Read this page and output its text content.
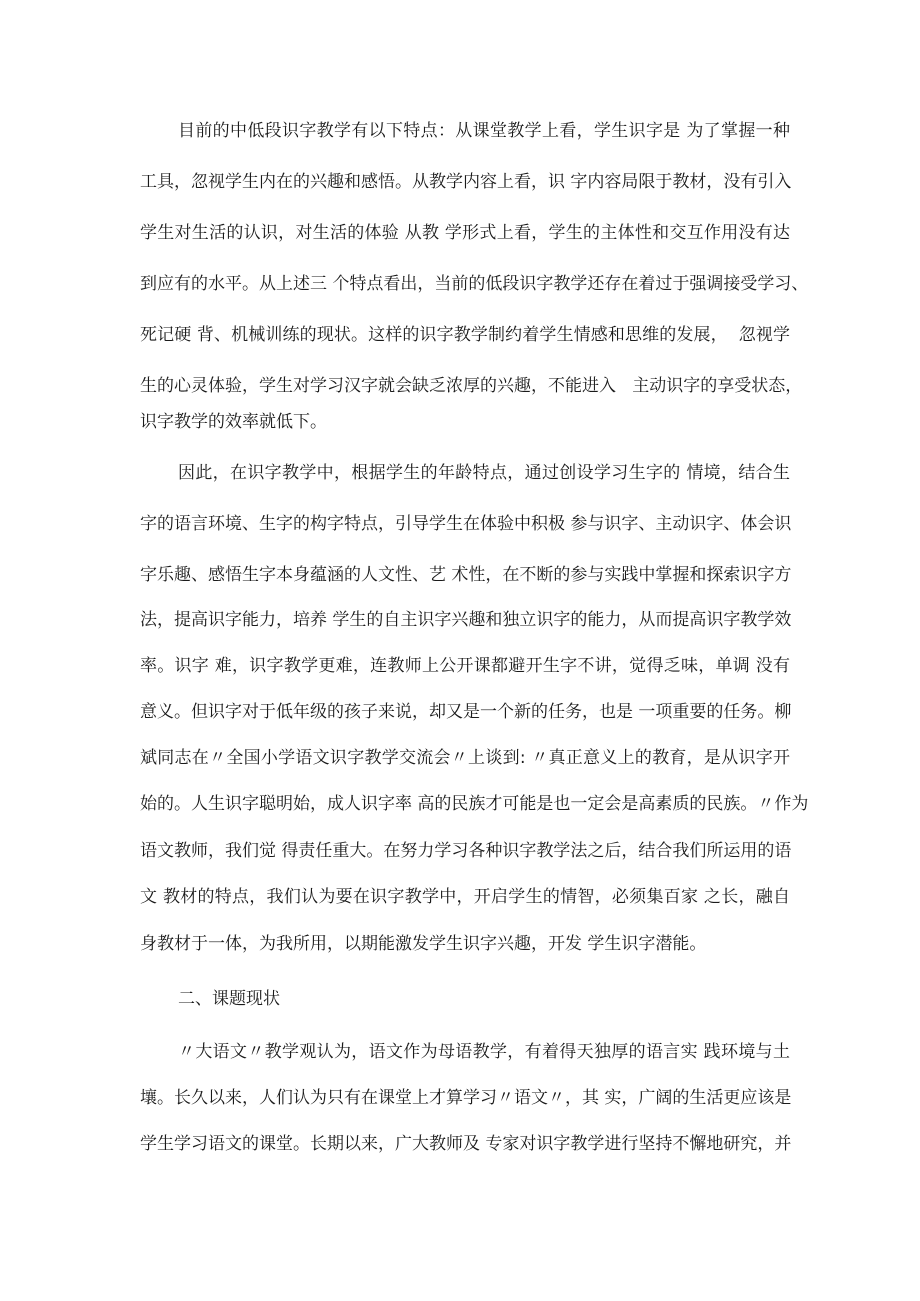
目前的中低段识字教学有以下特点：从课堂教学上看，学生识字是 为了掌握一种

工具，忽视学生内在的兴趣和感悟。从教学内容上看，识 字内容局限于教材，没有引入

学生对生活的认识，对生活的体验 从教 学形式上看，学生的主体性和交互作用没有达

到应有的水平。从上述三 个特点看出，当前的低段识字教学还存在着过于强调接受学习、

死记硬 背、机械训练的现状。这样的识字教学制约着学生情感和思维的发展，  忽视学

生的心灵体验，学生对学习汉字就会缺乏浓厚的兴趣，不能进入   主动识字的享受状态，

识字教学的效率就低下。

因此，在识字教学中，根据学生的年龄特点，通过创设学习生字的 情境，结合生

字的语言环境、生字的构字特点，引导学生在体验中积极 参与识字、主动识字、体会识

字乐趣、感悟生字本身蕴涵的人文性、艺 术性，在不断的参与实践中掌握和探索识字方

法，提高识字能力，培养 学生的自主识字兴趣和独立识字的能力，从而提高识字教学效

率。识字 难，识字教学更难，连教师上公开课都避开生字不讲，觉得乏味，单调 没有

意义。但识字对于低年级的孩子来说，却又是一个新的任务，也是 一项重要的任务。柳

斌同志在〃全国小学语文识字教学交流会〃上谈到: 〃真正意义上的教育，是从识字开

始的。人生识字聪明始，成人识字率 高的民族才可能是也一定会是高素质的民族。〃作为

语文教师，我们觉 得责任重大。在努力学习各种识字教学法之后，结合我们所运用的语

文 教材的特点，我们认为要在识字教学中，开启学生的情智，必须集百家 之长，融自

身教材于一体，为我所用，以期能激发学生识字兴趣，开发 学生识字潜能。

二、课题现状

〃大语文〃教学观认为，语文作为母语教学，有着得天独厚的语言实 践环境与土

壤。长久以来，人们认为只有在课堂上才算学习〃语文〃，其 实，广阔的生活更应该是

学生学习语文的课堂。长期以来，广大教师及 专家对识字教学进行坚持不懈地研究，并
